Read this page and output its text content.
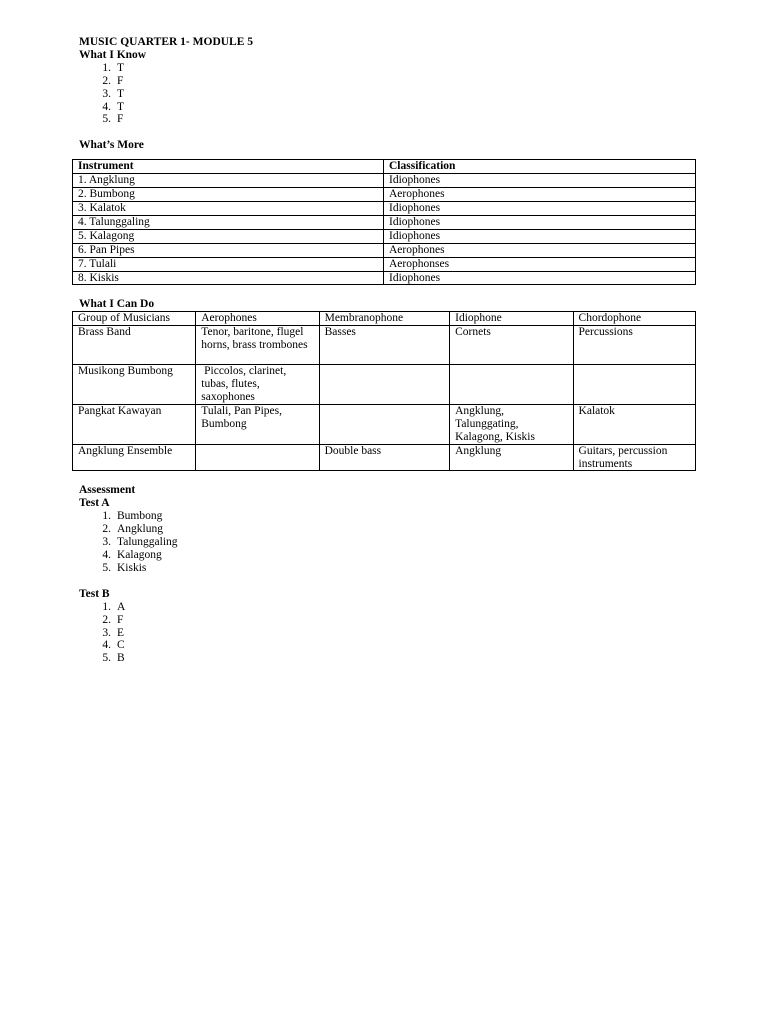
MUSIC QUARTER 1- MODULE 5

What I Know

1. T
2. F
3. T
4. T
5. F

What’s More

Instrument	Classification
1. Angklung	Idiophones
2. Bumbong	Aerophones
3. Kalatok	Idiophones
4. Talunggaling	Idiophones
5. Kalagong	Idiophones
6. Pan Pipes	Aerophones
7. Tulali	Aerophonses
8. Kiskis	Idiophones

What I Can Do

Group of Musicians	Aerophones	Membranophone	Idiophone	Chordophone
Brass Band	Tenor, baritone, flugel horns, brass trombones	Basses	Cornets	Percussions
Musikong Bumbong	Piccolos, clarinet, tubas, flutes, saxophones			
Pangkat Kawayan	Tulali, Pan Pipes, Bumbong		Angklung, Talunggating, Kalagong, Kiskis	Kalatok
Angklung Ensemble		Double bass	Angklung	Guitars, percussion instruments

Assessment

Test A

1. Bumbong
2. Angklung
3. Talunggaling
4. Kalagong
5. Kiskis

Test B

1. A
2. F
3. E
4. C
5. B
